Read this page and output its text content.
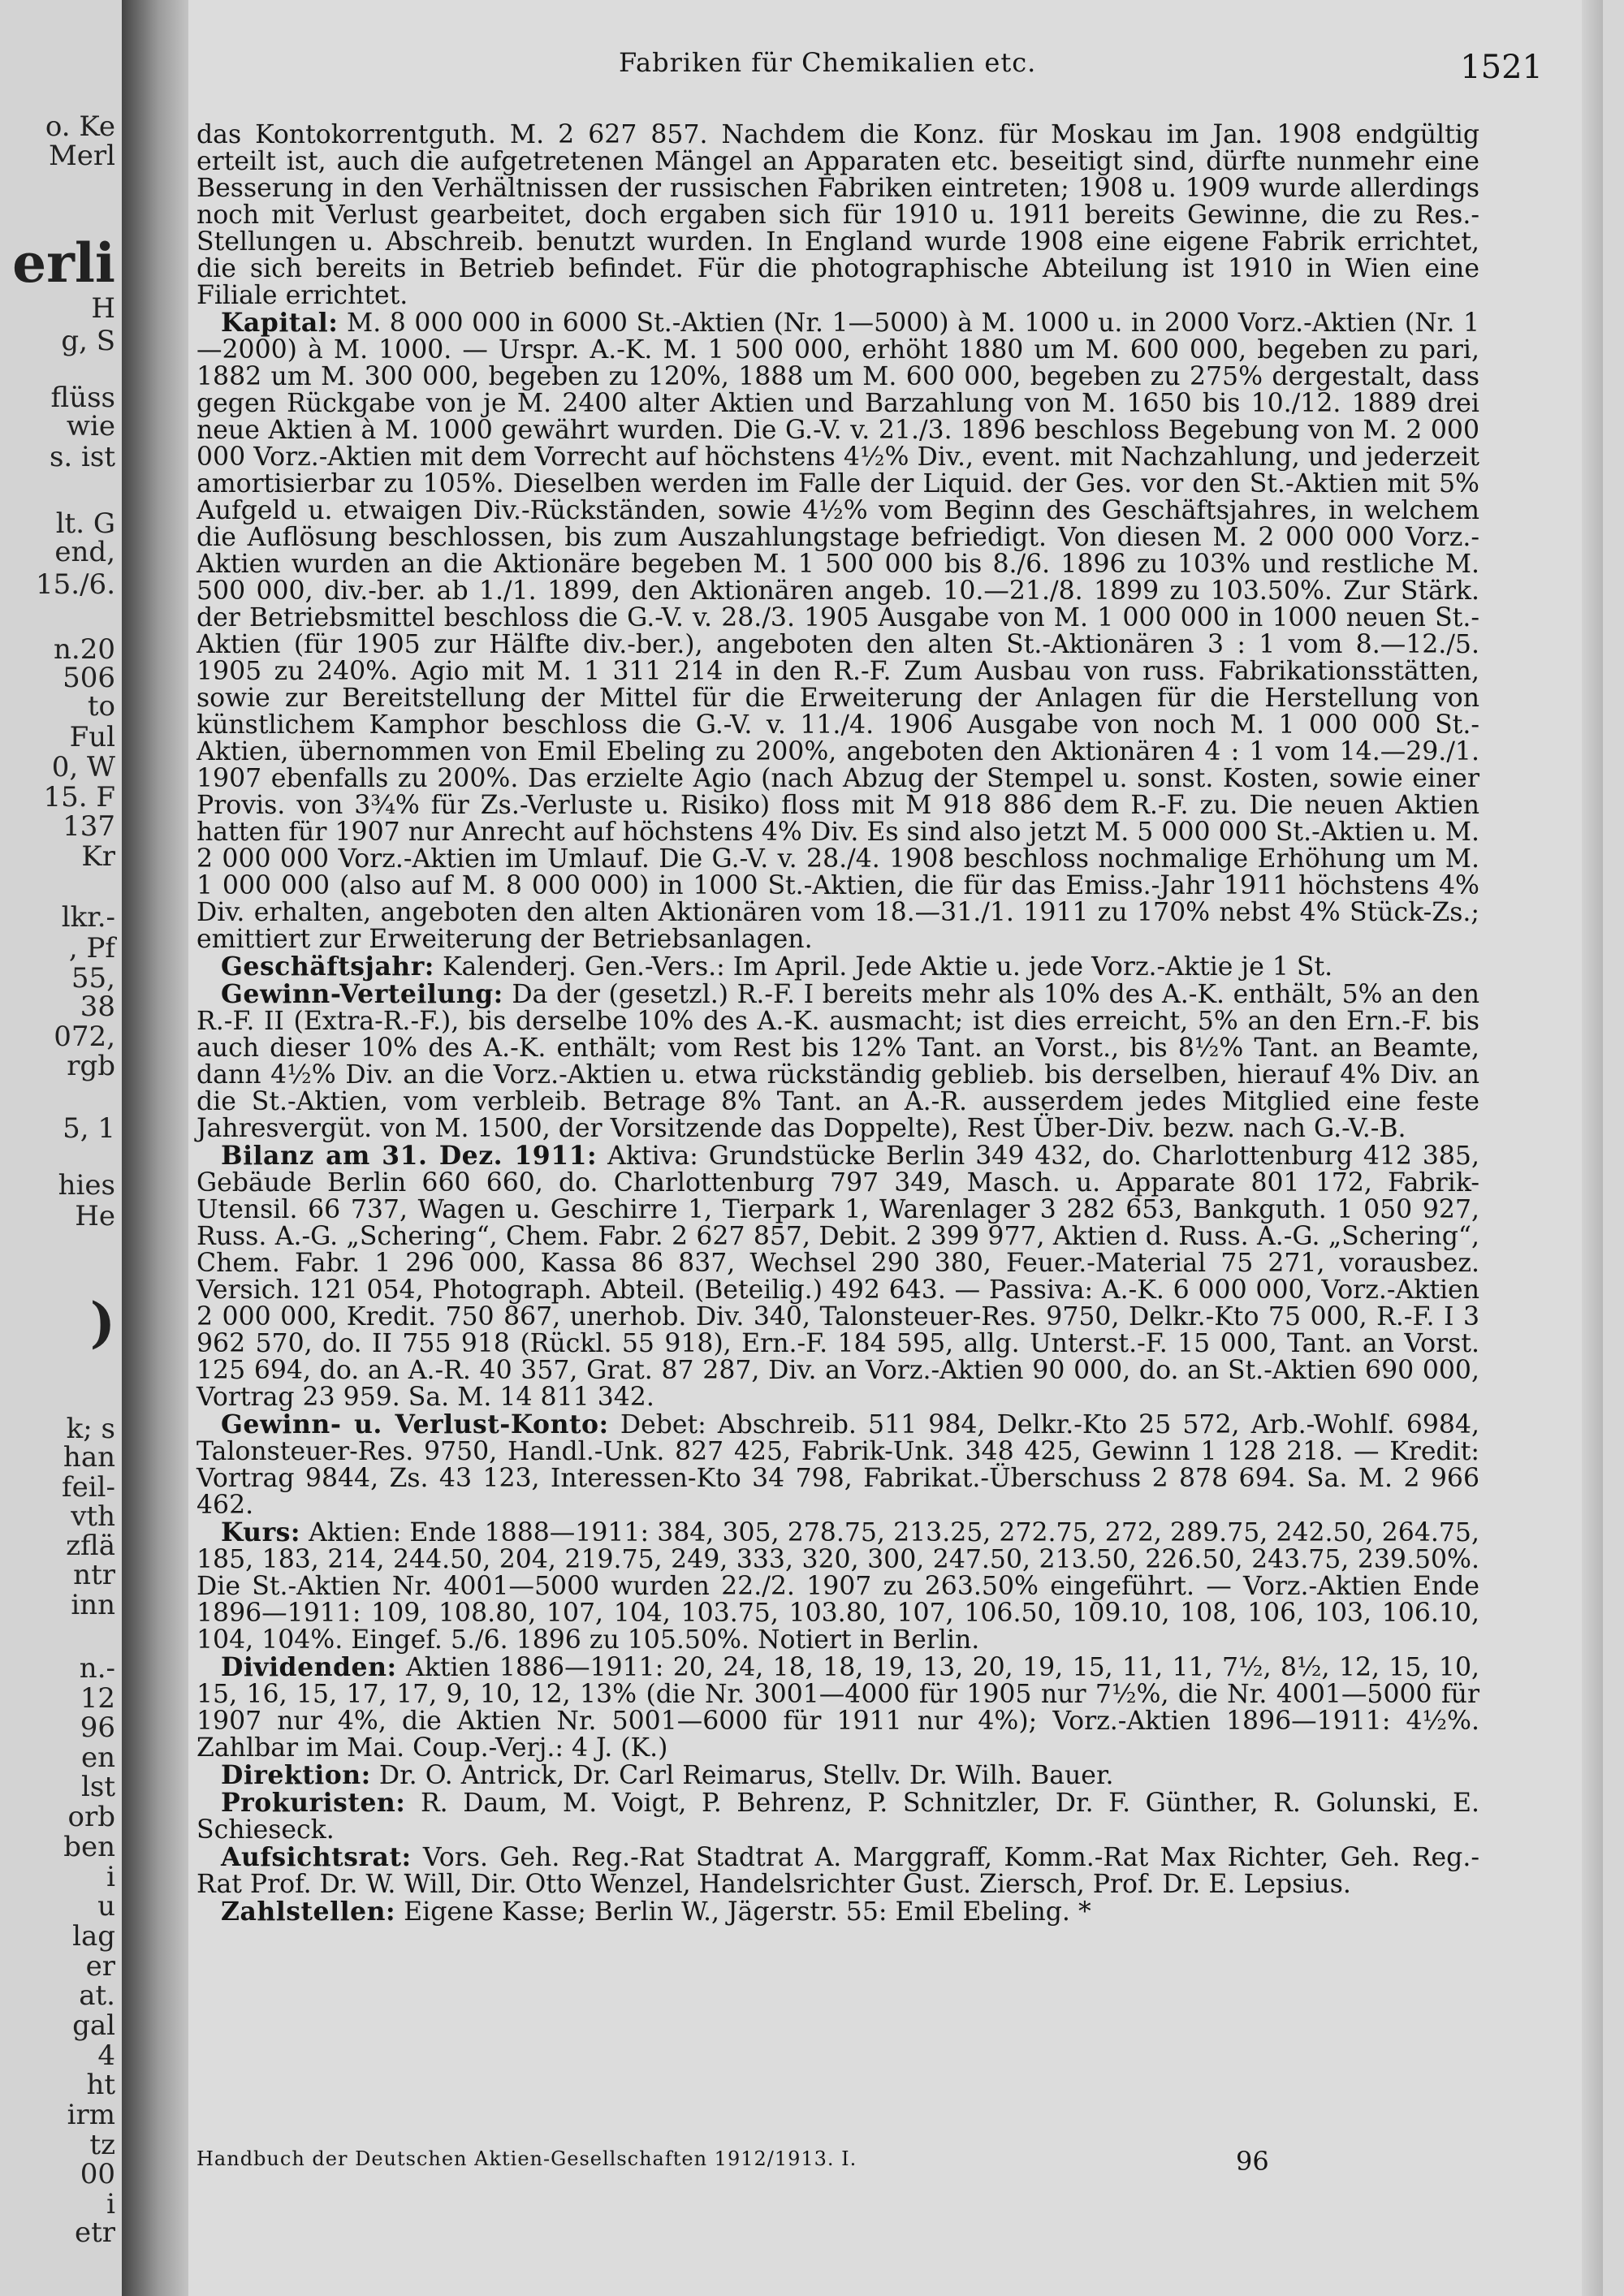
o. Ke
Merl
erli
H
g, S
flüss
wie
s. ist
lt. G
end,
15./6.
n.20
506
to
Ful
0, W
15. F
137
Kr
lkr.-
, Pf
55,
38
072,
rgb
5, 1
hies
He
)
k; s
han
feil-
vth
zflä
ntr
inn
n.-
12
96
en
lst
orb
ben
i
u
lag
er
at.
gal
4
ht
irm
tz
00
i
etr
Fabriken für Chemikalien etc.	1521

das Kontokorrentguth. M. 2 627 857. Nachdem die Konz. für Moskau im Jan. 1908 endgültig erteilt ist, auch die aufgetretenen Mängel an Apparaten etc. beseitigt sind, dürfte nunmehr eine Besserung in den Verhältnissen der russischen Fabriken eintreten; 1908 u. 1909 wurde allerdings noch mit Verlust gearbeitet, doch ergaben sich für 1910 u. 1911 bereits Gewinne, die zu Res.-Stellungen u. Abschreib. benutzt wurden. In England wurde 1908 eine eigene Fabrik errichtet, die sich bereits in Betrieb befindet. Für die photographische Abteilung ist 1910 in Wien eine Filiale errichtet.

Kapital: M. 8 000 000 in 6000 St.-Aktien (Nr. 1—5000) à M. 1000 u. in 2000 Vorz.-Aktien (Nr. 1—2000) à M. 1000. — Urspr. A.-K. M. 1 500 000, erhöht 1880 um M. 600 000, begeben zu pari, 1882 um M. 300 000, begeben zu 120%, 1888 um M. 600 000, begeben zu 275% dergestalt, dass gegen Rückgabe von je M. 2400 alter Aktien und Barzahlung von M. 1650 bis 10./12. 1889 drei neue Aktien à M. 1000 gewährt wurden. Die G.-V. v. 21./3. 1896 beschloss Begebung von M. 2 000 000 Vorz.-Aktien mit dem Vorrecht auf höchstens 4½% Div., event. mit Nachzahlung, und jederzeit amortisierbar zu 105%. Dieselben werden im Falle der Liquid. der Ges. vor den St.-Aktien mit 5% Aufgeld u. etwaigen Div.-Rückständen, sowie 4½% vom Beginn des Geschäftsjahres, in welchem die Auflösung beschlossen, bis zum Auszahlungstage befriedigt. Von diesen M. 2 000 000 Vorz.-Aktien wurden an die Aktionäre begeben M. 1 500 000 bis 8./6. 1896 zu 103% und restliche M. 500 000, div.-ber. ab 1./1. 1899, den Aktionären angeb. 10.—21./8. 1899 zu 103.50%. Zur Stärk. der Betriebsmittel beschloss die G.-V. v. 28./3. 1905 Ausgabe von M. 1 000 000 in 1000 neuen St.-Aktien (für 1905 zur Hälfte div.-ber.), angeboten den alten St.-Aktionären 3 : 1 vom 8.—12./5. 1905 zu 240%. Agio mit M. 1 311 214 in den R.-F. Zum Ausbau von russ. Fabrikationsstätten, sowie zur Bereitstellung der Mittel für die Erweiterung der Anlagen für die Herstellung von künstlichem Kamphor beschloss die G.-V. v. 11./4. 1906 Ausgabe von noch M. 1 000 000 St.-Aktien, übernommen von Emil Ebeling zu 200%, angeboten den Aktionären 4 : 1 vom 14.—29./1. 1907 ebenfalls zu 200%. Das erzielte Agio (nach Abzug der Stempel u. sonst. Kosten, sowie einer Provis. von 3¾% für Zs.-Verluste u. Risiko) floss mit M 918 886 dem R.-F. zu. Die neuen Aktien hatten für 1907 nur Anrecht auf höchstens 4% Div. Es sind also jetzt M. 5 000 000 St.-Aktien u. M. 2 000 000 Vorz.-Aktien im Umlauf. Die G.-V. v. 28./4. 1908 beschloss nochmalige Erhöhung um M. 1 000 000 (also auf M. 8 000 000) in 1000 St.-Aktien, die für das Emiss.-Jahr 1911 höchstens 4% Div. erhalten, angeboten den alten Aktionären vom 18.—31./1. 1911 zu 170% nebst 4% Stück-Zs.; emittiert zur Erweiterung der Betriebsanlagen.

Geschäftsjahr: Kalenderj. Gen.-Vers.: Im April. Jede Aktie u. jede Vorz.-Aktie je 1 St.

Gewinn-Verteilung: Da der (gesetzl.) R.-F. I bereits mehr als 10% des A.-K. enthält, 5% an den R.-F. II (Extra-R.-F.), bis derselbe 10% des A.-K. ausmacht; ist dies erreicht, 5% an den Ern.-F. bis auch dieser 10% des A.-K. enthält; vom Rest bis 12% Tant. an Vorst., bis 8½% Tant. an Beamte, dann 4½% Div. an die Vorz.-Aktien u. etwa rückständig geblieb. bis derselben, hierauf 4% Div. an die St.-Aktien, vom verbleib. Betrage 8% Tant. an A.-R. ausserdem jedes Mitglied eine feste Jahresvergüt. von M. 1500, der Vorsitzende das Doppelte), Rest Über-Div. bezw. nach G.-V.-B.

Bilanz am 31. Dez. 1911: Aktiva: Grundstücke Berlin 349 432, do. Charlottenburg 412 385, Gebäude Berlin 660 660, do. Charlottenburg 797 349, Masch. u. Apparate 801 172, Fabrik-Utensil. 66 737, Wagen u. Geschirre 1, Tierpark 1, Warenlager 3 282 653, Bankguth. 1 050 927, Russ. A.-G. „Schering“, Chem. Fabr. 2 627 857, Debit. 2 399 977, Aktien d. Russ. A.-G. „Schering“, Chem. Fabr. 1 296 000, Kassa 86 837, Wechsel 290 380, Feuer.-Material 75 271, vorausbez. Versich. 121 054, Photograph. Abteil. (Beteilig.) 492 643. — Passiva: A.-K. 6 000 000, Vorz.-Aktien 2 000 000, Kredit. 750 867, unerhob. Div. 340, Talonsteuer-Res. 9750, Delkr.-Kto 75 000, R.-F. I 3 962 570, do. II 755 918 (Rückl. 55 918), Ern.-F. 184 595, allg. Unterst.-F. 15 000, Tant. an Vorst. 125 694, do. an A.-R. 40 357, Grat. 87 287, Div. an Vorz.-Aktien 90 000, do. an St.-Aktien 690 000, Vortrag 23 959. Sa. M. 14 811 342.

Gewinn- u. Verlust-Konto: Debet: Abschreib. 511 984, Delkr.-Kto 25 572, Arb.-Wohlf. 6984, Talonsteuer-Res. 9750, Handl.-Unk. 827 425, Fabrik-Unk. 348 425, Gewinn 1 128 218. — Kredit: Vortrag 9844, Zs. 43 123, Interessen-Kto 34 798, Fabrikat.-Überschuss 2 878 694. Sa. M. 2 966 462.

Kurs: Aktien: Ende 1888—1911: 384, 305, 278.75, 213.25, 272.75, 272, 289.75, 242.50, 264.75, 185, 183, 214, 244.50, 204, 219.75, 249, 333, 320, 300, 247.50, 213.50, 226.50, 243.75, 239.50%. Die St.-Aktien Nr. 4001—5000 wurden 22./2. 1907 zu 263.50% eingeführt. — Vorz.-Aktien Ende 1896—1911: 109, 108.80, 107, 104, 103.75, 103.80, 107, 106.50, 109.10, 108, 106, 103, 106.10, 104, 104%. Eingef. 5./6. 1896 zu 105.50%. Notiert in Berlin.

Dividenden: Aktien 1886—1911: 20, 24, 18, 18, 19, 13, 20, 19, 15, 11, 11, 7½, 8½, 12, 15, 10, 15, 16, 15, 17, 17, 9, 10, 12, 13% (die Nr. 3001—4000 für 1905 nur 7½%, die Nr. 4001—5000 für 1907 nur 4%, die Aktien Nr. 5001—6000 für 1911 nur 4%); Vorz.-Aktien 1896—1911: 4½%. Zahlbar im Mai. Coup.-Verj.: 4 J. (K.)

Direktion: Dr. O. Antrick, Dr. Carl Reimarus, Stellv. Dr. Wilh. Bauer.

Prokuristen: R. Daum, M. Voigt, P. Behrenz, P. Schnitzler, Dr. F. Günther, R. Golunski, E. Schieseck.

Aufsichtsrat: Vors. Geh. Reg.-Rat Stadtrat A. Marggraff, Komm.-Rat Max Richter, Geh. Reg.-Rat Prof. Dr. W. Will, Dir. Otto Wenzel, Handelsrichter Gust. Ziersch, Prof. Dr. E. Lepsius.

Zahlstellen: Eigene Kasse; Berlin W., Jägerstr. 55: Emil Ebeling. *

Handbuch der Deutschen Aktien-Gesellschaften 1912/1913. I.	96
